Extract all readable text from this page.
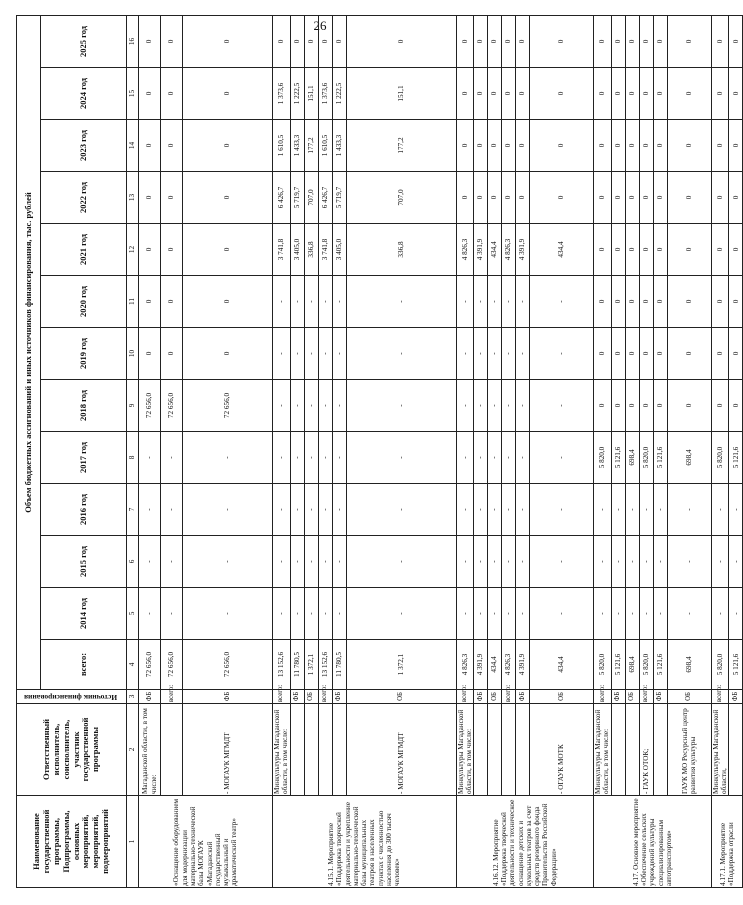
26
Наименование государственной программы, Подпрограммы, основных мероприятий, мероприятий, подмероприятий	Ответственный исполнитель, соисполнитель, участник государственной программы	Источник финансирования	Объем бюджетных ассигнований и иных источников финансирования, тыс. рублей												
			всего:	2014 год	2015 год	2016 год	2017 год	2018 год	2019 год	2020 год	2021 год	2022 год	2023 год	2024 год	2025 год
1	2	3	4	5	6	7	8	9	10	11	12	13	14	15	16
«Оснащение оборудованием для модернизации материально-технической базы МОГАУК «Магаданский государственный музыкальный и драматический театр»	Магаданской области, в том числе:	ФБ	72 656,0	-	-	-	-	72 656,0	0	0	0	0	0	0	0
		всего:	72 656,0	-	-	-	-	72 656,0	0	0	0	0	0	0	0
	- МОГАУК МГМДТ	ФБ	72 656,0	-	-	-	-	72 656,0	0	0	0	0	0	0	0
4.15.1. Мероприятие «Поддержка творческой деятельности и укрепление материально-технической базы муниципальных театров в населенных пунктах с численностью населения до 300 тысяч человек»	Минкультуры Магаданской области, в том числе:	всего:	13 152,6	-	-	-	-	-	-	-	3 741,8	6 426,7	1 610,5	1 373,6	0
		ФБ	11 780,5	-	-	-	-	-	-	-	3 405,0	5 719,7	1 433,3	1 222,5	0
		ОБ	1 372,1	-	-	-	-	-	-	-	336,8	707,0	177,2	151,1	0
		всего:	13 152,6	-	-	-	-	-	-	-	3 741,8	6 426,7	1 610,5	1 373,6	0
		ФБ	11 780,5	-	-	-	-	-	-	-	3 405,0	5 719,7	1 433,3	1 222,5	0
	- МОГАУК МГМДТ	ОБ	1 372,1	-	-	-	-	-	-	-	336,8	707,0	177,2	151,1	0
4.16.12. Мероприятие «Поддержка творческой деятельности и техническое оснащение детских и кукольных театров за счет средств резервного фонда Правительства Российской Федерации»	Минкультуры Магаданской области, в том числе:	всего:	4 826,3	-	-	-	-	-	-	-	4 826,3	0	0	0	0
		ФБ	4 391,9	-	-	-	-	-	-	-	4 391,9	0	0	0	0
		ОБ	434,4	-	-	-	-	-	-	-	434,4	0	0	0	0
		всего:	4 826,3	-	-	-	-	-	-	-	4 826,3	0	0	0	0
		ФБ	4 391,9	-	-	-	-	-	-	-	4 391,9	0	0	0	0
	- ОГАУК МОТК	ОБ	434,4	-	-	-	-	-	-	-	434,4	0	0	0	0
4.17. Основное мероприятие «Обеспечение сельских учреждений культуры специализированным автотранспортом»	Минкультуры Магаданской области, в том числе:	всего:	5 820,0	-	-	-	5 820,0	0	0	0	0	0	0	0	0
		ФБ	5 121,6	-	-	-	5 121,6	0	0	0	0	0	0	0	0
		ОБ	698,4	-	-	-	698,4	0	0	0	0	0	0	0	0
	- ГАУК ОТОК;	всего:	5 820,0	-	-	-	5 820,0	0	0	0	0	0	0	0	0
		ФБ	5 121,6	-	-	-	5 121,6	0	0	0	0	0	0	0	0
	ГАУК МО Ресурсный центр развития культуры	ОБ	698,4	-	-	-	698,4	0	0	0	0	0	0	0	0
4.17.1. Мероприятие «Поддержка отрасли	Минкультуры Магаданской области,	всего:	5 820,0	-	-	-	5 820,0	0	0	0	0	0	0	0	0
		ФБ	5 121,6	-	-	-	5 121,6	0	0	0	0	0	0	0	0
